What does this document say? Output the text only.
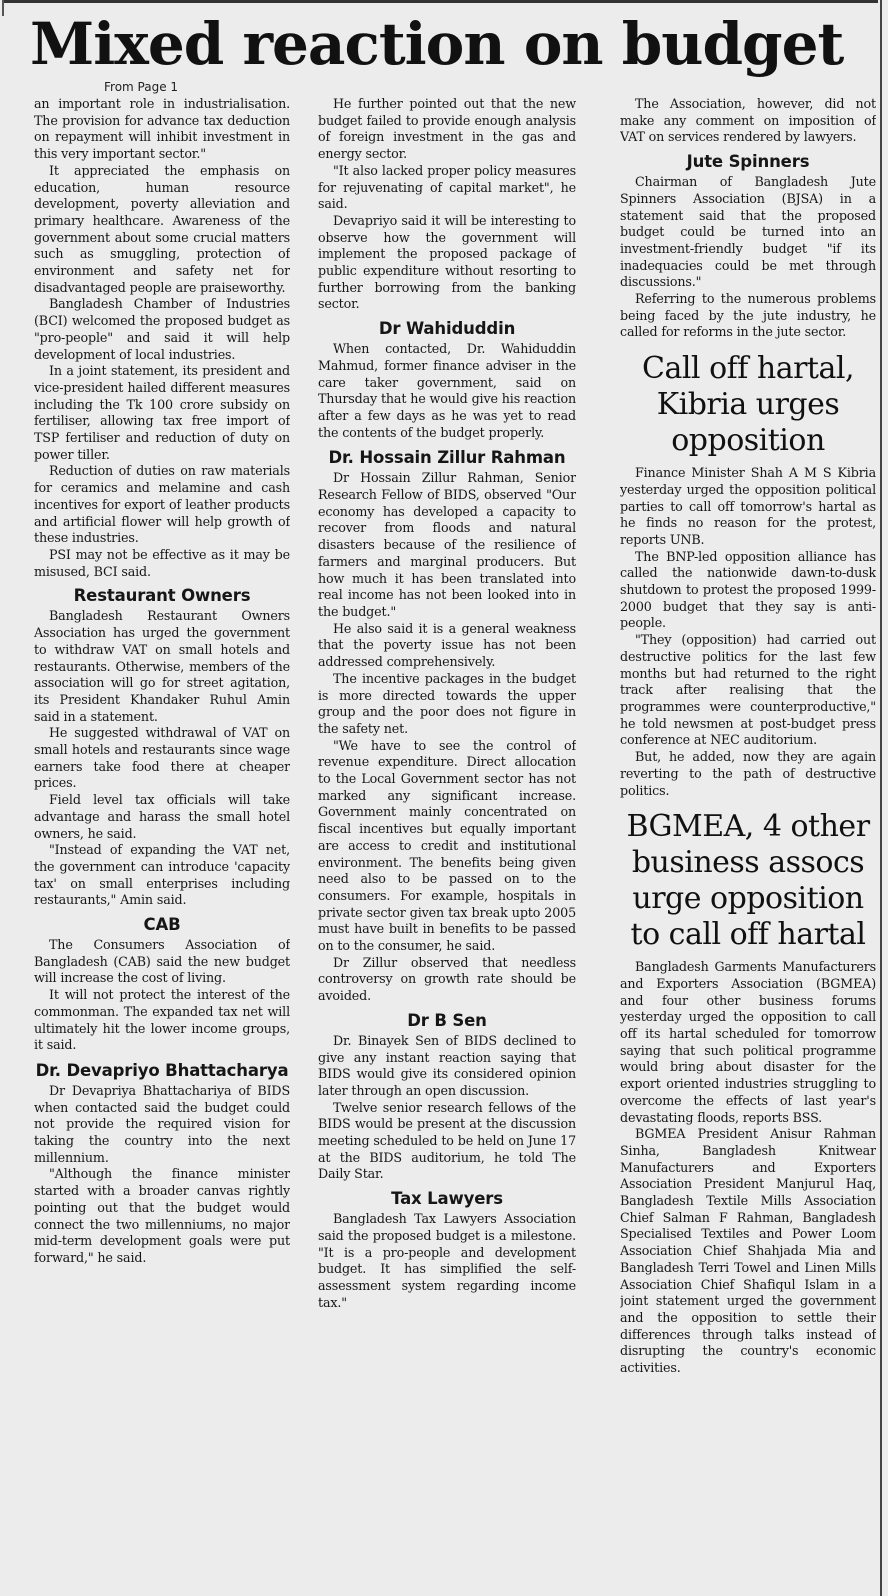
Mixed reaction on budget
From Page 1

an important role in industrialisation. The provision for advance tax deduction on repayment will inhibit investment in this very important sector."

It appreciated the emphasis on education, human resource development, poverty alleviation and primary healthcare. Awareness of the government about some crucial matters such as smuggling, protection of environment and safety net for disadvantaged people are praiseworthy.

Bangladesh Chamber of Industries (BCI) welcomed the proposed budget as "pro-people" and said it will help development of local industries.

In a joint statement, its president and vice-president hailed different measures including the Tk 100 crore subsidy on fertiliser, allowing tax free import of TSP fertiliser and reduction of duty on power tiller.

Reduction of duties on raw materials for ceramics and melamine and cash incentives for export of leather products and artificial flower will help growth of these industries.

PSI may not be effective as it may be misused, BCI said.

Restaurant Owners

Bangladesh Restaurant Owners Association has urged the government to withdraw VAT on small hotels and restaurants. Otherwise, members of the association will go for street agitation, its President Khandaker Ruhul Amin said in a statement.

He suggested withdrawal of VAT on small hotels and restaurants since wage earners take food there at cheaper prices.

Field level tax officials will take advantage and harass the small hotel owners, he said.

"Instead of expanding the VAT net, the government can introduce 'capacity tax' on small enterprises including restaurants," Amin said.

CAB

The Consumers Association of Bangladesh (CAB) said the new budget will increase the cost of living.

It will not protect the interest of the commonman. The expanded tax net will ultimately hit the lower income groups, it said.

Dr. Devapriyo Bhattacharya

Dr Devapriya Bhattachariya of BIDS when contacted said the budget could not provide the required vision for taking the country into the next millennium.

"Although the finance minister started with a broader canvas rightly pointing out that the budget would connect the two millenniums, no major mid-term development goals were put forward," he said.

He further pointed out that the new budget failed to provide enough analysis of foreign investment in the gas and energy sector.

"It also lacked proper policy measures for rejuvenating of capital market", he said.

Devapriyo said it will be interesting to observe how the government will implement the proposed package of public expenditure without resorting to further borrowing from the banking sector.

Dr Wahiduddin

When contacted, Dr. Wahiduddin Mahmud, former finance adviser in the care taker government, said on Thursday that he would give his reaction after a few days as he was yet to read the contents of the budget properly.

Dr. Hossain Zillur Rahman

Dr Hossain Zillur Rahman, Senior Research Fellow of BIDS, observed "Our economy has developed a capacity to recover from floods and natural disasters because of the resilience of farmers and marginal producers. But how much it has been translated into real income has not been looked into in the budget."

He also said it is a general weakness that the poverty issue has not been addressed comprehensively.

The incentive packages in the budget is more directed towards the upper group and the poor does not figure in the safety net.

"We have to see the control of revenue expenditure. Direct allocation to the Local Government sector has not marked any significant increase. Government mainly concentrated on fiscal incentives but equally important are access to credit and institutional environment. The benefits being given need also to be passed on to the consumers. For example, hospitals in private sector given tax break upto 2005 must have built in benefits to be passed on to the consumer, he said.

Dr Zillur observed that needless controversy on growth rate should be avoided.

Dr B Sen

Dr. Binayek Sen of BIDS declined to give any instant reaction saying that BIDS would give its considered opinion later through an open discussion.

Twelve senior research fellows of the BIDS would be present at the discussion meeting scheduled to be held on June 17 at the BIDS auditorium, he told The Daily Star.

Tax Lawyers

Bangladesh Tax Lawyers Association said the proposed budget is a milestone. "It is a pro-people and development budget. It has simplified the self-assessment system regarding income tax."

The Association, however, did not make any comment on imposition of VAT on services rendered by lawyers.

Jute Spinners

Chairman of Bangladesh Jute Spinners Association (BJSA) in a statement said that the proposed budget could be turned into an investment-friendly budget "if its inadequacies could be met through discussions."

Referring to the numerous problems being faced by the jute industry, he called for reforms in the jute sector.

Call off hartal, Kibria urges opposition

Finance Minister Shah A M S Kibria yesterday urged the opposition political parties to call off tomorrow's hartal as he finds no reason for the protest, reports UNB.

The BNP-led opposition alliance has called the nationwide dawn-to-dusk shutdown to protest the proposed 1999-2000 budget that they say is anti-people.

"They (opposition) had carried out destructive politics for the last few months but had returned to the right track after realising that the programmes were counterproductive," he told newsmen at post-budget press conference at NEC auditorium.

But, he added, now they are again reverting to the path of destructive politics.

BGMEA, 4 other business assocs urge opposition to call off hartal

Bangladesh Garments Manufacturers and Exporters Association (BGMEA) and four other business forums yesterday urged the opposition to call off its hartal scheduled for tomorrow saying that such political programme would bring about disaster for the export oriented industries struggling to overcome the effects of last year's devastating floods, reports BSS.

BGMEA President Anisur Rahman Sinha, Bangladesh Knitwear Manufacturers and Exporters Association President Manjurul Haq, Bangladesh Textile Mills Association Chief Salman F Rahman, Bangladesh Specialised Textiles and Power Loom Association Chief Shahjada Mia and Bangladesh Terri Towel and Linen Mills Association Chief Shafiqul Islam in a joint statement urged the government and the opposition to settle their differences through talks instead of disrupting the country's economic activities.
